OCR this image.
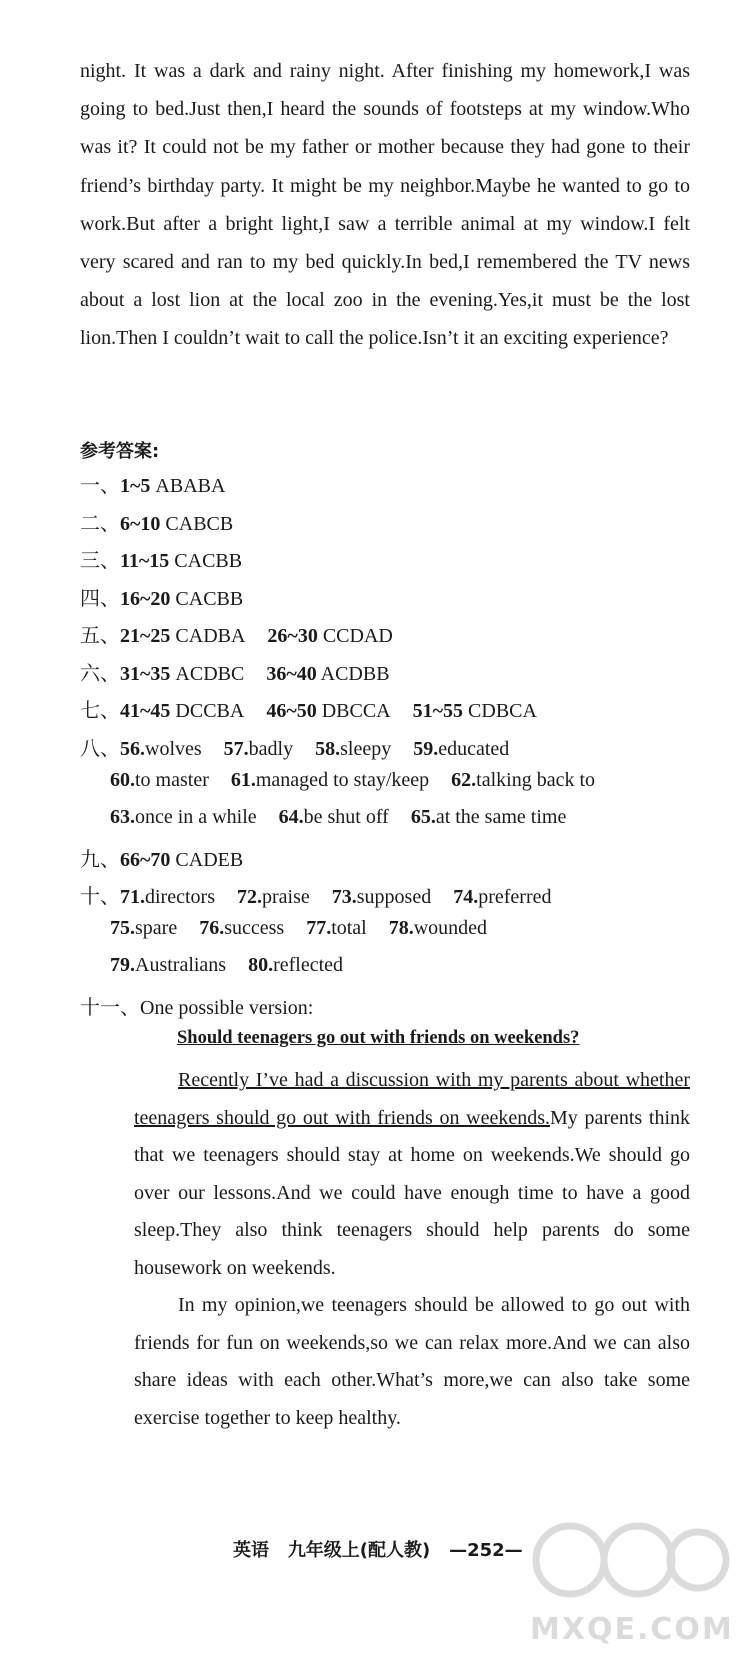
night. It was a dark and rainy night. After finishing my homework,I was going to bed.Just then,I heard the sounds of footsteps at my window.Who was it? It could not be my father or mother because they had gone to their friend’s birthday party. It might be my neighbor.Maybe he wanted to go to work.But after a bright light,I saw a terrible animal at my window.I felt very scared and ran to my bed quickly.In bed,I remembered the TV news about a lost lion at the local zoo in the evening.Yes,it must be the lost lion.Then I couldn’t wait to call the police.Isn’t it an exciting experience?

参考答案:
一、1~5 ABABA
二、6~10 CABCB
三、11~15 CACBB
四、16~20 CACBB
五、21~25 CADBA 26~30 CCDAD
六、31~35 ACDBC 36~40 ACDBB
七、41~45 DCCBA 46~50 DBCCA 51~55 CDBCA
八、56.wolves 57.badly 58.sleepy 59.educated
60.to master 61.managed to stay/keep 62.talking back to
63.once in a while 64.be shut off 65.at the same time
九、66~70 CADEB
十、71.directors 72.praise 73.supposed 74.preferred
75.spare 76.success 77.total 78.wounded
79.Australians 80.reflected
十一、One possible version:
Should teenagers go out with friends on weekends?

Recently I’ve had a discussion with my parents about whether teenagers should go out with friends on weekends.My parents think that we teenagers should stay at home on weekends.We should go over our lessons.And we could have enough time to have a good sleep.They also think teenagers should help parents do some housework on weekends.

In my opinion,we teenagers should be allowed to go out with friends for fun on weekends,so we can relax more.And we can also share ideas with each other.What’s more,we can also take some exercise together to keep healthy.

英语 九年级上(配人教) —252—
MXQE.COM
